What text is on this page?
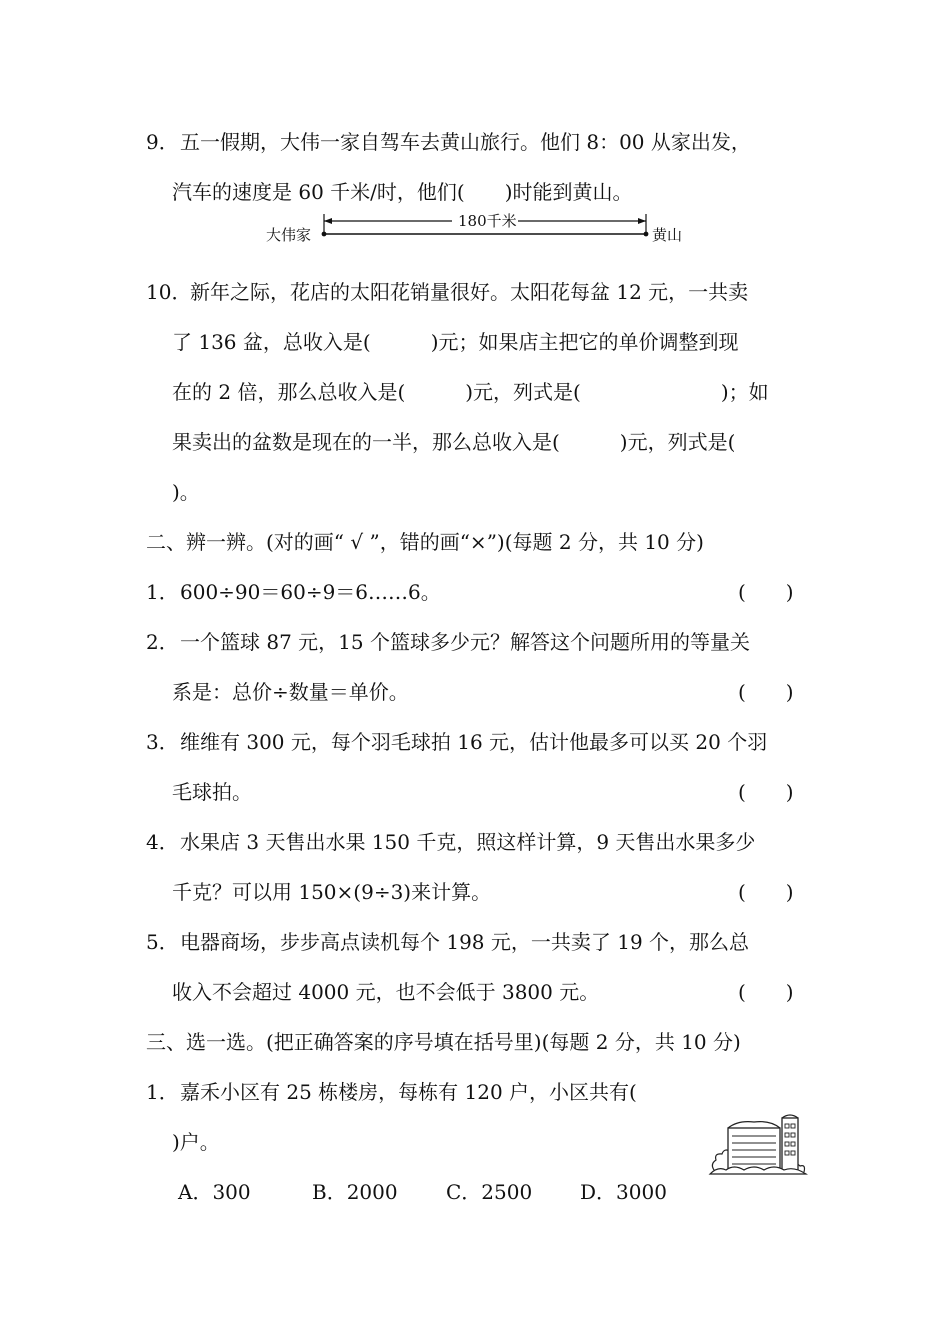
9． 五一假期，大伟一家自驾车去黄山旅行。他们 8：00 从家出发，
汽车的速度是 60 千米/时，他们(　　)时能到黄山。
大伟家
180千米
黄山
10．
新年之际，花店的太阳花销量很好。太阳花每盆 12 元，一共卖
了 136 盆，总收入是(　　　)元；如果店主把它的单价调整到现
在的 2 倍，那么总收入是(　　　)元，列式是(　　　　　　　)；如
果卖出的盆数是现在的一半，那么总收入是(　　　)元，列式是(
)。
二、辨一辨。(对的画“ √ ”，错的画“×”)(每题 2 分，共 10 分)
1． 600÷90＝60÷9＝6……6。	(　　)
2． 一个篮球 87 元，15 个篮球多少元？解答这个问题所用的等量关
系是：总价÷数量＝单价。	(　　)
3． 维维有 300 元，每个羽毛球拍 16 元，估计他最多可以买 20 个羽
毛球拍。	(　　)
4． 水果店 3 天售出水果 150 千克，照这样计算，9 天售出水果多少
千克？可以用 150×(9÷3)来计算。	(　　)
5． 电器商场，步步高点读机每个 198 元，一共卖了 19 个，那么总
收入不会超过 4000 元，也不会低于 3800 元。	(　　)
三、选一选。(把正确答案的序号填在括号里)(每题 2 分，共 10 分)
1． 嘉禾小区有 25 栋楼房，每栋有 120 户，小区共有(
)户。
A．300	B．2000 C．2500 D．3000
